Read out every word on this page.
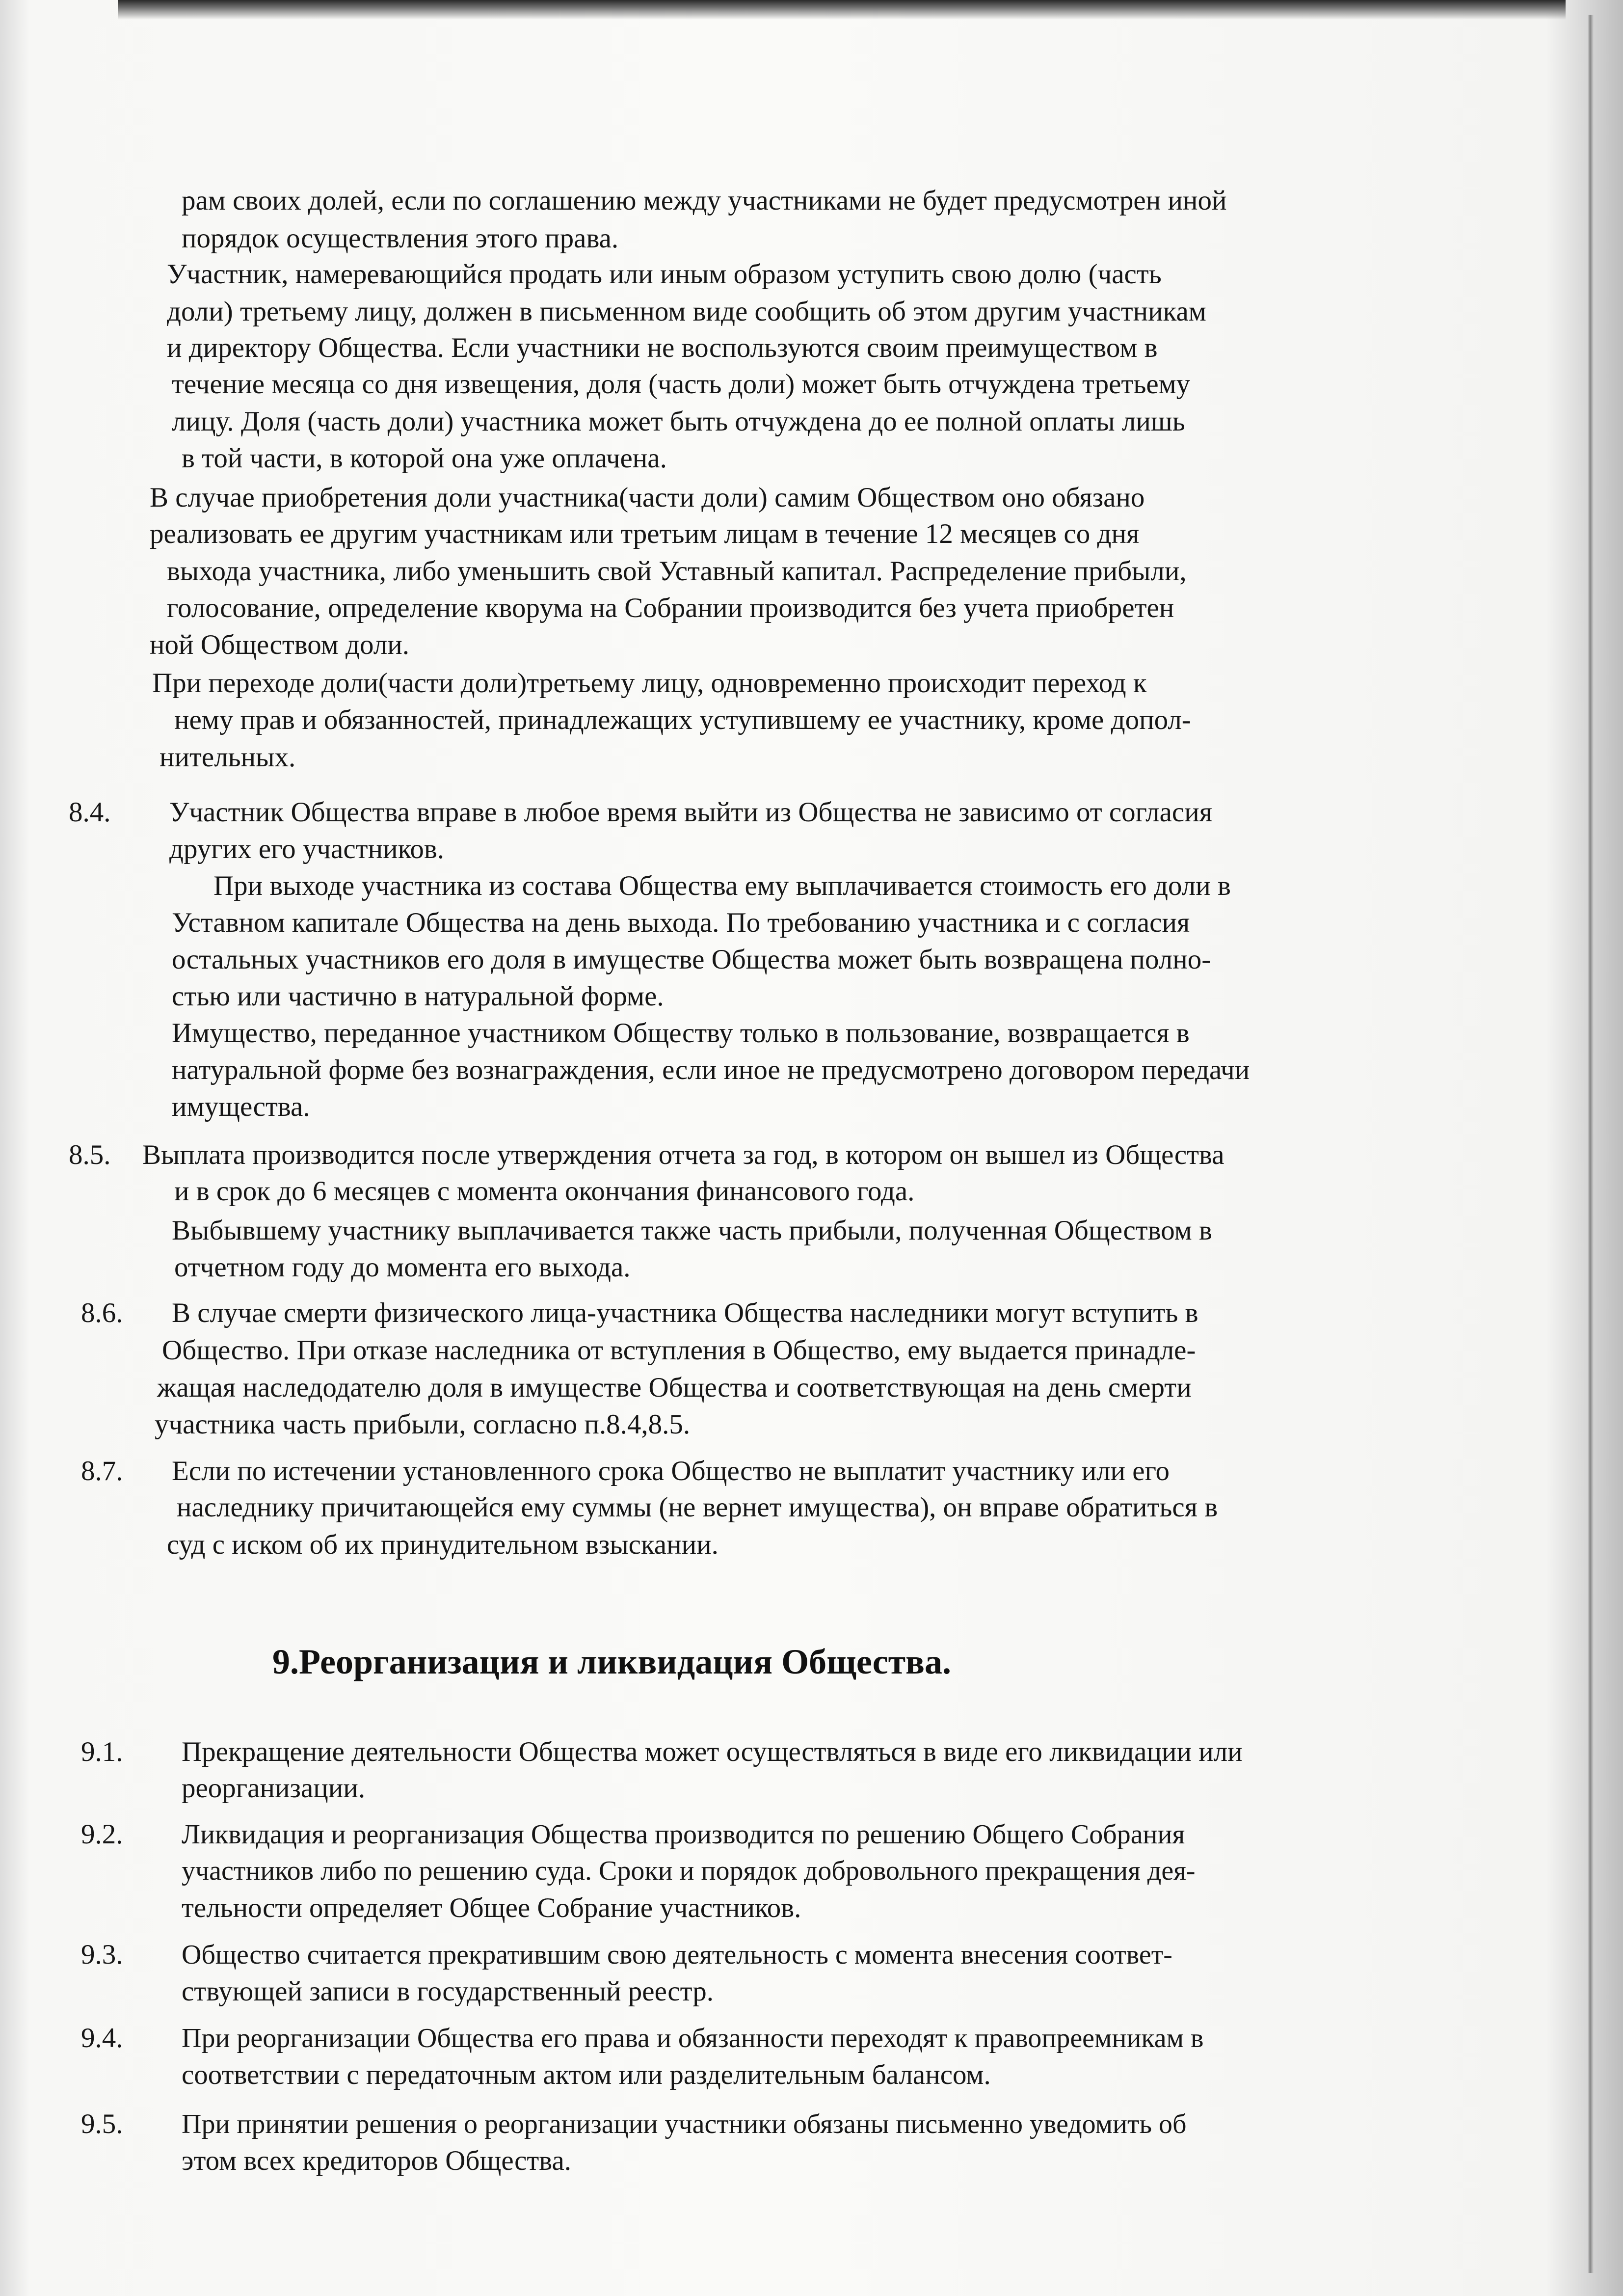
рам своих долей, если по соглашению между участниками не будет предусмотрен иной
порядок осуществления этого права.
Участник, намеревающийся продать или иным образом уступить свою долю (часть
доли) третьему лицу, должен в письменном виде сообщить об этом другим участникам
и директору Общества. Если участники не воспользуются своим преимуществом в
течение месяца со дня извещения, доля (часть доли) может быть отчуждена третьему
лицу. Доля (часть доли) участника может быть отчуждена до ее полной оплаты лишь
в той части, в которой она уже оплачена.
В случае приобретения доли участника(части доли) самим Обществом оно обязано
реализовать ее другим участникам или третьим лицам в течение 12 месяцев со дня
выхода участника, либо уменьшить свой Уставный капитал. Распределение прибыли,
голосование, определение кворума на Собрании производится без учета приобретен
ной Обществом доли.
При переходе доли(части доли)третьему лицу, одновременно происходит переход к
нему прав и обязанностей, принадлежащих уступившему ее участнику, кроме допол-
нительных.
8.4. Участник Общества вправе в любое время выйти из Общества не зависимо от согласия
других его участников.
При выходе участника из состава Общества ему выплачивается стоимость его доли в
Уставном капитале Общества на день выхода. По требованию участника и с согласия
остальных участников его доля в имуществе Общества может быть возвращена полно-
стью или частично в натуральной форме.
Имущество, переданное участником Обществу только в пользование, возвращается в
натуральной форме без вознаграждения, если иное не предусмотрено договором передачи
имущества.
8.5. Выплата производится после утверждения отчета за год, в котором он вышел из Общества
и в срок до 6 месяцев с момента окончания финансового года.
Выбывшему участнику выплачивается также часть прибыли, полученная Обществом в
отчетном году до момента его выхода.
8.6. В случае смерти физического лица-участника Общества наследники могут вступить в
Общество. При отказе наследника от вступления в Общество, ему выдается принадле-
жащая наследодателю доля в имуществе Общества и соответствующая на день смерти
участника часть прибыли, согласно п.8.4,8.5.
8.7. Если по истечении установленного срока Общество не выплатит участнику или его
наследнику причитающейся ему суммы (не вернет имущества), он вправе обратиться в
суд с иском об их принудительном взыскании.
9.Реорганизация и ликвидация Общества.
9.1. Прекращение деятельности Общества может осуществляться в виде его ликвидации или
реорганизации.
9.2. Ликвидация и реорганизация Общества производится по решению Общего Собрания
участников либо по решению суда. Сроки и порядок добровольного прекращения дея-
тельности определяет Общее Собрание участников.
9.3. Общество считается прекратившим свою деятельность с момента внесения соответ-
ствующей записи в государственный реестр.
9.4. При реорганизации Общества его права и обязанности переходят к правопреемникам в
соответствии с передаточным актом или разделительным балансом.
9.5. При принятии решения о реорганизации участники обязаны письменно уведомить об
этом всех кредиторов Общества.
